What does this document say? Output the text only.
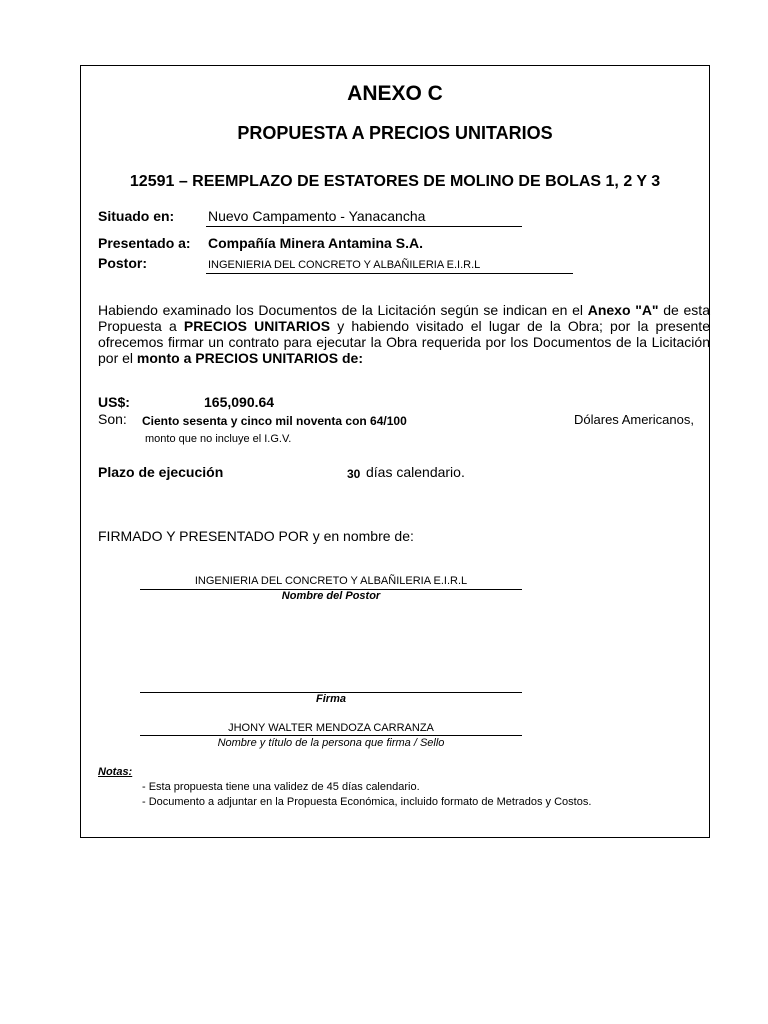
ANEXO C
PROPUESTA A PRECIOS UNITARIOS
12591 – REEMPLAZO DE ESTATORES DE MOLINO DE BOLAS 1, 2 Y 3
Situado en: Nuevo Campamento - Yanacancha
Presentado a: Compañía Minera Antamina S.A.
Postor:	INGENIERIA DEL CONCRETO Y ALBAÑILERIA E.I.R.L
Habiendo examinado los Documentos de la Licitación según se indican en el Anexo "A" de esta Propuesta a PRECIOS UNITARIOS y habiendo visitado el lugar de la Obra; por la presente ofrecemos firmar un contrato para ejecutar la Obra requerida por los Documentos de la Licitación por el monto a PRECIOS UNITARIOS de:
US$:	165,090.64
Son: Ciento sesenta y cinco mil noventa con 64/100	Dólares Americanos,
monto que no incluye el I.G.V.
Plazo de ejecución	30 días calendario.
FIRMADO Y PRESENTADO POR y en nombre de:
INGENIERIA DEL CONCRETO Y ALBAÑILERIA E.I.R.L
Nombre del Postor
Firma
JHONY WALTER MENDOZA CARRANZA
Nombre y título de la persona que firma / Sello
Notas:
- Esta propuesta tiene una validez de 45 días calendario.
- Documento a adjuntar en la Propuesta Económica, incluido formato de Metrados y Costos.
